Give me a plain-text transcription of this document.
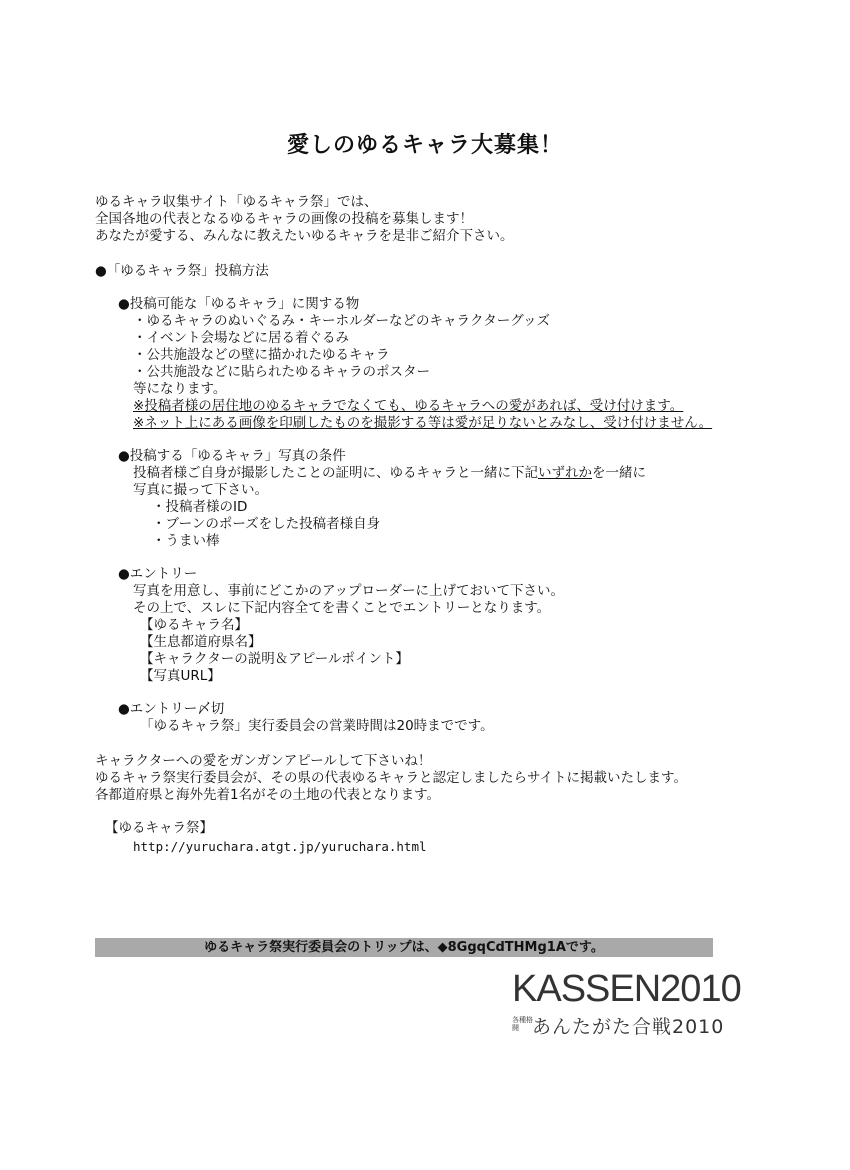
愛しのゆるキャラ大募集！
ゆるキャラ収集サイト「ゆるキャラ祭」では、
全国各地の代表となるゆるキャラの画像の投稿を募集します！
あなたが愛する、みんなに教えたいゆるキャラを是非ご紹介下さい。
●「ゆるキャラ祭」投稿方法
●投稿可能な「ゆるキャラ」に関する物
・ゆるキャラのぬいぐるみ・キーホルダーなどのキャラクターグッズ
・イベント会場などに居る着ぐるみ
・公共施設などの壁に描かれたゆるキャラ
・公共施設などに貼られたゆるキャラのポスター
等になります。
※投稿者様の居住地のゆるキャラでなくても、ゆるキャラへの愛があれば、受け付けます。
※ネット上にある画像を印刷したものを撮影する等は愛が足りないとみなし、受け付けません。
●投稿する「ゆるキャラ」写真の条件
投稿者様ご自身が撮影したことの証明に、ゆるキャラと一緒に下記いずれかを一緒に
写真に撮って下さい。
・投稿者様のID
・ブーンのポーズをした投稿者様自身
・うまい棒
●エントリー
写真を用意し、事前にどこかのアップローダーに上げておいて下さい。
その上で、スレに下記内容全てを書くことでエントリーとなります。
【ゆるキャラ名】
【生息都道府県名】
【キャラクターの説明＆アピールポイント】
【写真URL】
●エントリー〆切
「ゆるキャラ祭」実行委員会の営業時間は20時までです。
キャラクターへの愛をガンガンアピールして下さいね！
ゆるキャラ祭実行委員会が、その県の代表ゆるキャラと認定しましたらサイトに掲載いたします。
各都道府県と海外先着1名がその土地の代表となります。
【ゆるキャラ祭】
http://yuruchara.atgt.jp/yuruchara.html
ゆるキャラ祭実行委員会のトリップは、◆8GgqCdTHMg1Aです。
KASSEN2010
各種格闘 あんたがた合戦2010
